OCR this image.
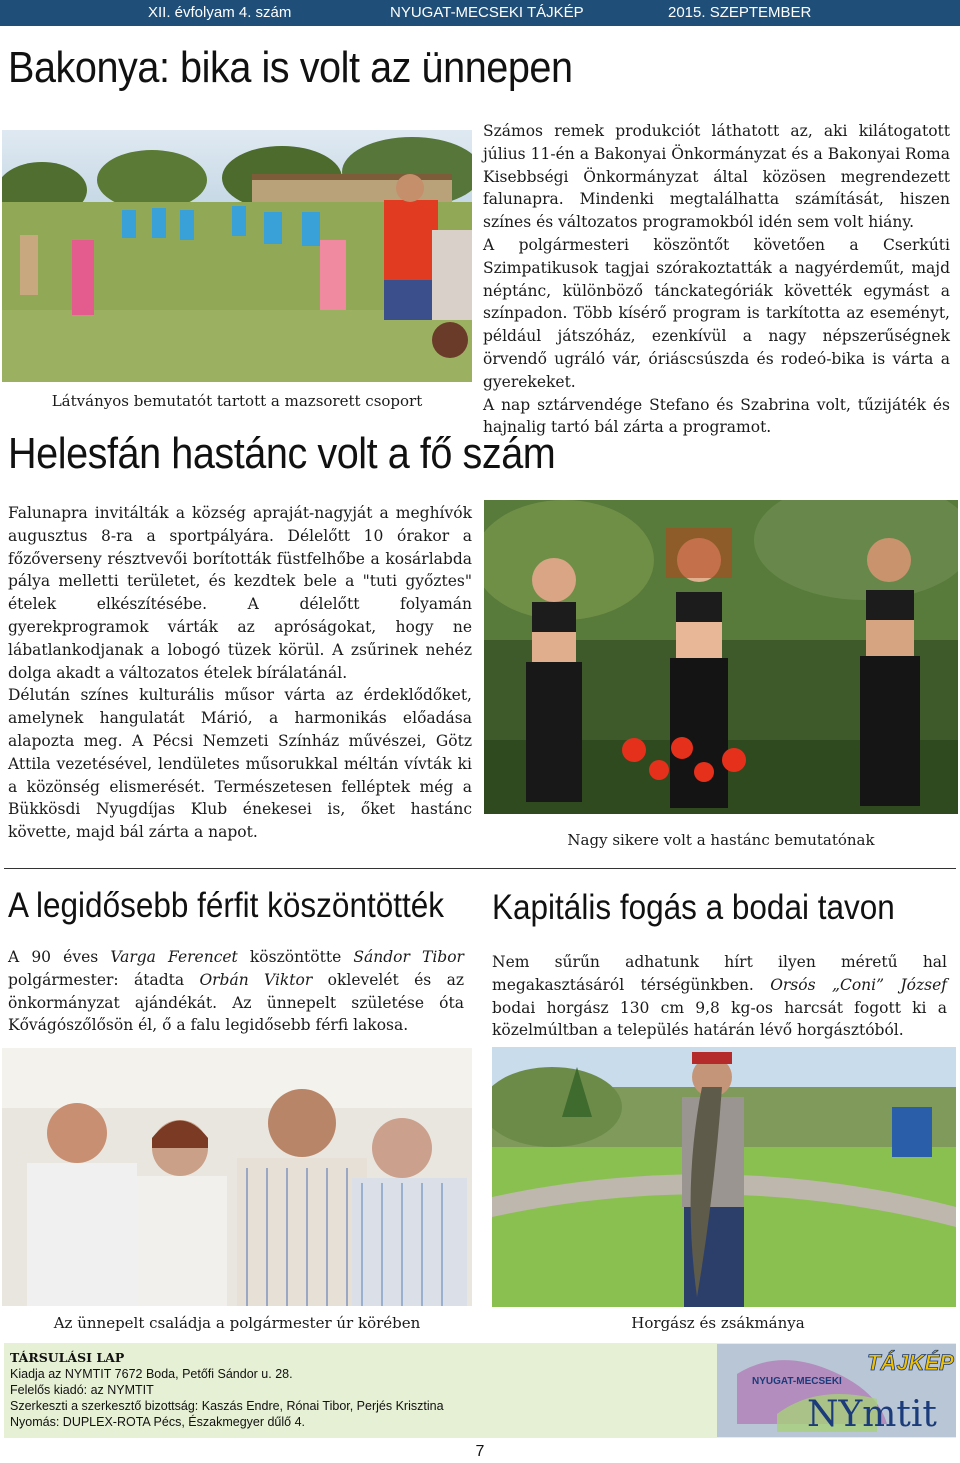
XII. évfolyam 4. szám	NYUGAT-MECSEKI TÁJKÉP	2015. SZEPTEMBER
Bakonya: bika is volt az ünnepen
Látványos bemutatót tartott a mazsorett csoport

Számos remek produkciót láthatott az, aki kilátogatott július 11-én a Bakonyai Önkormányzat és a Bakonyai Roma Kisebbségi Önkormányzat által közösen megrendezett falunapra. Mindenki megtalálhatta számítását, hiszen színes és változatos programokból idén sem volt hiány.

A polgármesteri köszöntőt követően a Cserkúti Szimpatikusok tagjai szórakoztatták a nagyérdeműt, majd néptánc, különböző tánckategóriák követték egymást a színpadon. Több kísérő program is tarkította az eseményt, például játszóház, ezenkívül a nagy népszerűségnek örvendő ugráló vár, óriáscsúszda és rodeó-bika is várta a gyerekeket.

A nap sztárvendége Stefano és Szabrina volt, tűzijáték és hajnalig tartó bál zárta a programot.

Helesfán hastánc volt a fő szám

Falunapra invitálták a község apraját-nagyját a meghívók augusztus 8-ra a sportpályára. Délelőtt 10 órakor a főzőverseny résztvevői borították füstfelhőbe a kosárlabda pálya melletti területet, és kezdtek bele a "tuti győztes" ételek elkészítésébe. A délelőtt folyamán gyerekprogramok várták az apróságokat, hogy ne lábatlankodjanak a lobogó tüzek körül. A zsűrinek nehéz dolga akadt a változatos ételek bírálatánál.

Délután színes kulturális műsor várta az érdeklődőket, amelynek hangulatát Márió, a harmonikás előadása alapozta meg. A Pécsi Nemzeti Színház művészei, Götz Attila vezetésével, lendületes műsorukkal méltán vívták ki a közönség elismerését. Természetesen felléptek még a Bükkösdi Nyugdíjas Klub énekesei is, őket hastánc követte, majd bál zárta a napot.	Nagy sikere volt a hastánc bemutatónak
A legidősebb férfit köszöntötték

A 90 éves Varga Ferencet köszöntötte Sándor Tibor polgármester: átadta Orbán Viktor oklevelét és az önkormányzat ajándékát. Az ünnepelt születése óta Kővágószőlősön él, ő a falu legidősebb férfi lakosa.

Az ünnepelt családja a polgármester úr körében
Kapitális fogás a bodai tavon

Nem sűrűn adhatunk hírt ilyen méretű hal megakasztásáról térségünkben. Orsós „Coni” József bodai horgász 130 cm 9,8 kg-os harcsát fogott ki a közelmúltban a település határán lévő horgásztóból.

Horgász és zsákmánya
TÁRSULÁSI LAP
Kiadja az NYMTIT 7672 Boda, Petőfi Sándor u. 28.
Felelős kiadó: az NYMTIT
Szerkeszti a szerkesztő bizottság: Kaszás Endre, Rónai Tibor, Perjés Krisztina
Nyomás: DUPLEX-ROTA Pécs, Északmegyer dűlő 4.
TÁJKÉP
NYUGAT-MECSEKI
NYmtit
7
